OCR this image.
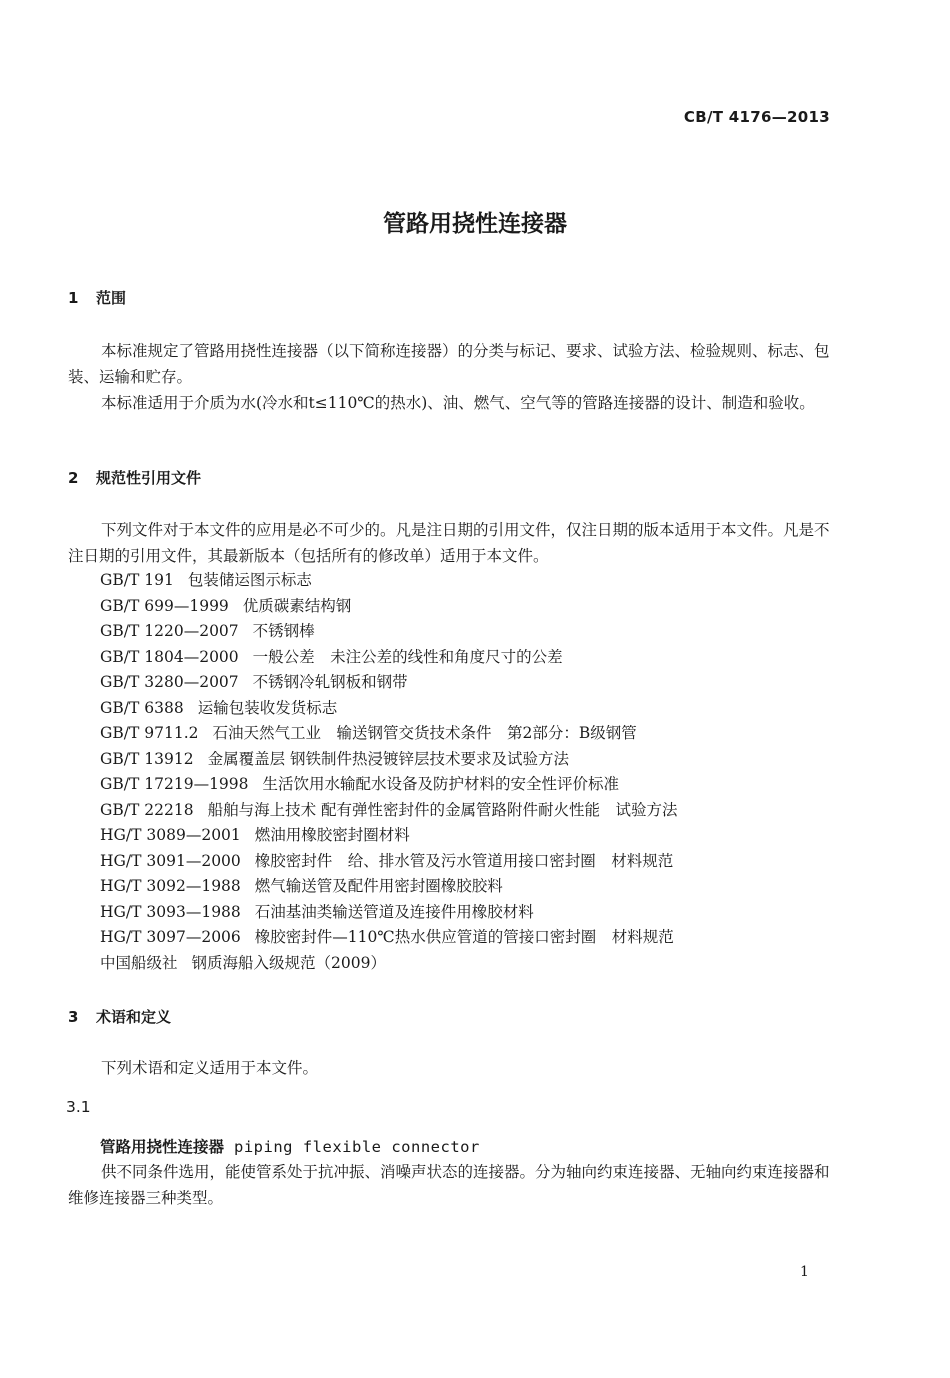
CB/T 4176—2013
管路用挠性连接器
1 范围

本标准规定了管路用挠性连接器（以下简称连接器）的分类与标记、要求、试验方法、检验规则、标志、包装、运输和贮存。

本标准适用于介质为水(冷水和t≤110℃的热水)、油、燃气、空气等的管路连接器的设计、制造和验收。

2 规范性引用文件

下列文件对于本文件的应用是必不可少的。凡是注日期的引用文件，仅注日期的版本适用于本文件。凡是不注日期的引用文件，其最新版本（包括所有的修改单）适用于本文件。

GB/T 191 包装储运图示标志
GB/T 699—1999 优质碳素结构钢
GB/T 1220—2007 不锈钢棒
GB/T 1804—2000 一般公差　未注公差的线性和角度尺寸的公差
GB/T 3280—2007 不锈钢冷轧钢板和钢带
GB/T 6388 运输包装收发货标志
GB/T 9711.2 石油天然气工业　输送钢管交货技术条件　第2部分：B级钢管
GB/T 13912 金属覆盖层 钢铁制件热浸镀锌层技术要求及试验方法
GB/T 17219—1998 生活饮用水输配水设备及防护材料的安全性评价标准
GB/T 22218 船舶与海上技术 配有弹性密封件的金属管路附件耐火性能　试验方法
HG/T 3089—2001 燃油用橡胶密封圈材料
HG/T 3091—2000 橡胶密封件　给、排水管及污水管道用接口密封圈　材料规范
HG/T 3092—1988 燃气输送管及配件用密封圈橡胶胶料
HG/T 3093—1988 石油基油类输送管道及连接件用橡胶材料
HG/T 3097—2006 橡胶密封件—110℃热水供应管道的管接口密封圈　材料规范
中国船级社 钢质海船入级规范（2009）
3 术语和定义

下列术语和定义适用于本文件。

3.1
管路用挠性连接器 piping flexible connector

供不同条件选用，能使管系处于抗冲振、消噪声状态的连接器。分为轴向约束连接器、无轴向约束连接器和维修连接器三种类型。

1
